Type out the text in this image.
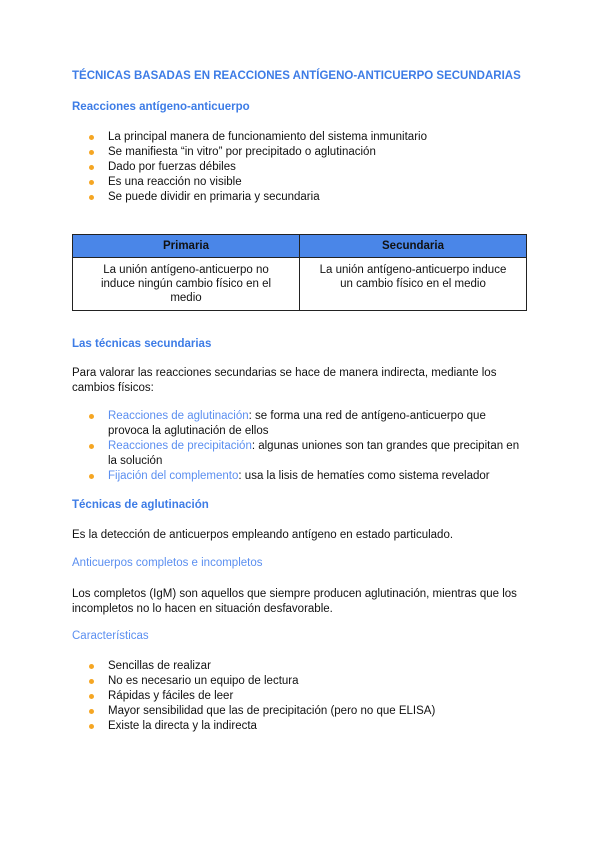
TÉCNICAS BASADAS EN REACCIONES ANTÍGENO-ANTICUERPO SECUNDARIAS
Reacciones antígeno-anticuerpo
La principal manera de funcionamiento del sistema inmunitario
Se manifiesta “in vitro” por precipitado o aglutinación
Dado por fuerzas débiles
Es una reacción no visible
Se puede dividir en primaria y secundaria
Primaria	Secundaria
La unión antígeno-anticuerpo no induce ningún cambio físico en el medio	La unión antígeno-anticuerpo induce un cambio físico en el medio
Las técnicas secundarias
Para valorar las reacciones secundarias se hace de manera indirecta, mediante los cambios físicos:
Reacciones de aglutinación: se forma una red de antígeno-anticuerpo que provoca la aglutinación de ellos
Reacciones de precipitación: algunas uniones son tan grandes que precipitan en la solución
Fijación del complemento: usa la lisis de hematíes como sistema revelador
Técnicas de aglutinación
Es la detección de anticuerpos empleando antígeno en estado particulado.
Anticuerpos completos e incompletos
Los completos (IgM) son aquellos que siempre producen aglutinación, mientras que los incompletos no lo hacen en situación desfavorable.
Características
Sencillas de realizar
No es necesario un equipo de lectura
Rápidas y fáciles de leer
Mayor sensibilidad que las de precipitación (pero no que ELISA)
Existe la directa y la indirecta
